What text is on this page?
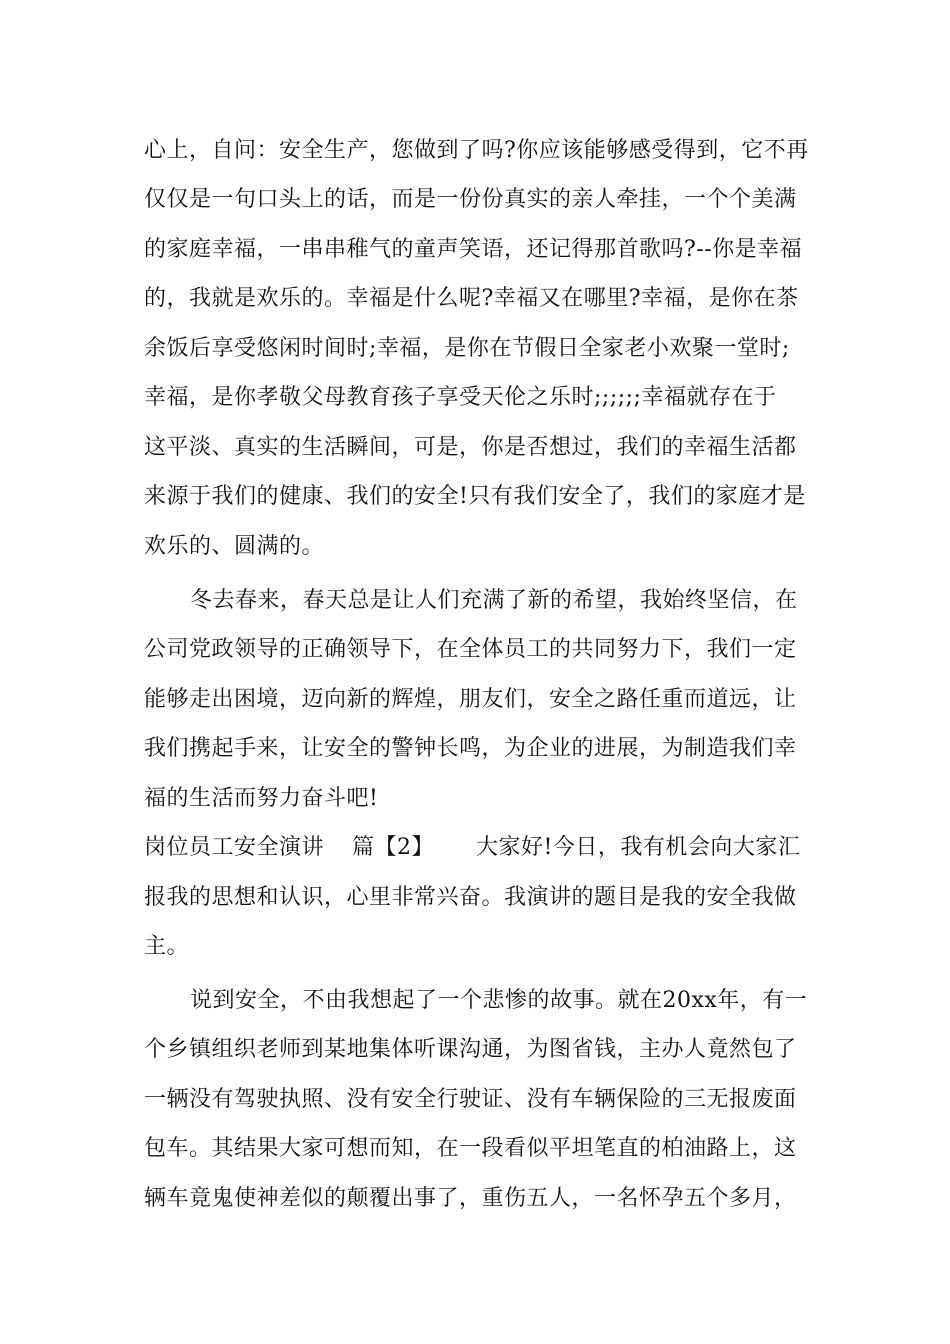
心上，自问：安全生产，您做到了吗?你应该能够感受得到，它不再
仅仅是一句口头上的话，而是一份份真实的亲人牵挂，一个个美满
的家庭幸福，一串串稚气的童声笑语，还记得那首歌吗?--你是幸福
的，我就是欢乐的。幸福是什么呢?幸福又在哪里?幸福，是你在茶
余饭后享受悠闲时间时;幸福，是你在节假日全家老小欢聚一堂时;
幸福，是你孝敬父母教育孩子享受天伦之乐时;;;;;;幸福就存在于
这平淡、真实的生活瞬间，可是，你是否想过，我们的幸福生活都
来源于我们的健康、我们的安全!只有我们安全了，我们的家庭才是
欢乐的、圆满的。
冬去春来，春天总是让人们充满了新的希望，我始终坚信，在
公司党政领导的正确领导下，在全体员工的共同努力下，我们一定
能够走出困境，迈向新的辉煌，朋友们，安全之路任重而道远，让
我们携起手来，让安全的警钟长鸣，为企业的进展，为制造我们幸
福的生活而努力奋斗吧!
岗位员工安全演讲 篇【2】 大家好!今日，我有机会向大家汇
报我的思想和认识，心里非常兴奋。我演讲的题目是我的安全我做
主。
说到安全，不由我想起了一个悲惨的故事。就在20xx年，有一
个乡镇组织老师到某地集体听课沟通，为图省钱，主办人竟然包了
一辆没有驾驶执照、没有安全行驶证、没有车辆保险的三无报废面
包车。其结果大家可想而知，在一段看似平坦笔直的柏油路上，这
辆车竟鬼使神差似的颠覆出事了，重伤五人，一名怀孕五个多月，
